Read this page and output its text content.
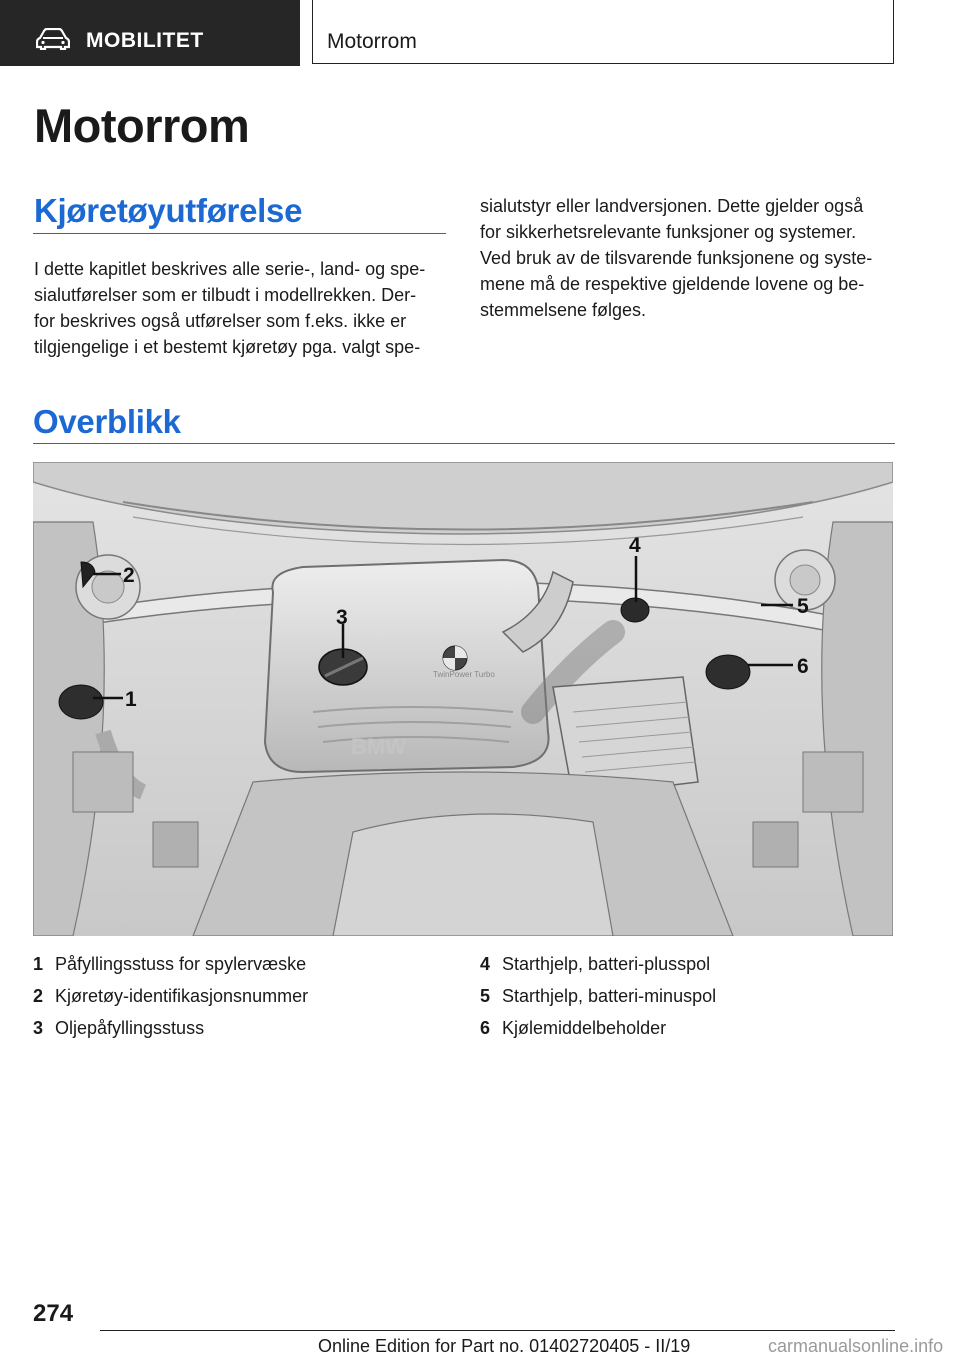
MOBILITET	Motorrom
Motorrom
Kjøretøyutførelse
I dette kapitlet beskrives alle serie-, land- og spe-
sialutførelser som er tilbudt i modellrekken. Der-
for beskrives også utførelser som f.eks. ikke er
tilgjengelige i et bestemt kjøretøy pga. valgt spe-
sialutstyr eller landversjonen. Dette gjelder også
for sikkerhetsrelevante funksjoner og systemer.
Ved bruk av de tilsvarende funksjonene og syste-
mene må de respektive gjeldende lovene og be-
stemmelsene følges.
Overblikk
BMW
TwinPower Turbo
1
2
3
4
5
6
1 Påfyllingsstuss for spylervæske
2 Kjøretøy-identifikasjonsnummer
3 Oljepåfyllingsstuss
4 Starthjelp, batteri-plusspol
5 Starthjelp, batteri-minuspol
6 Kjølemiddelbeholder
274
Online Edition for Part no. 01402720405 - II/19	carmanualsonline.info
